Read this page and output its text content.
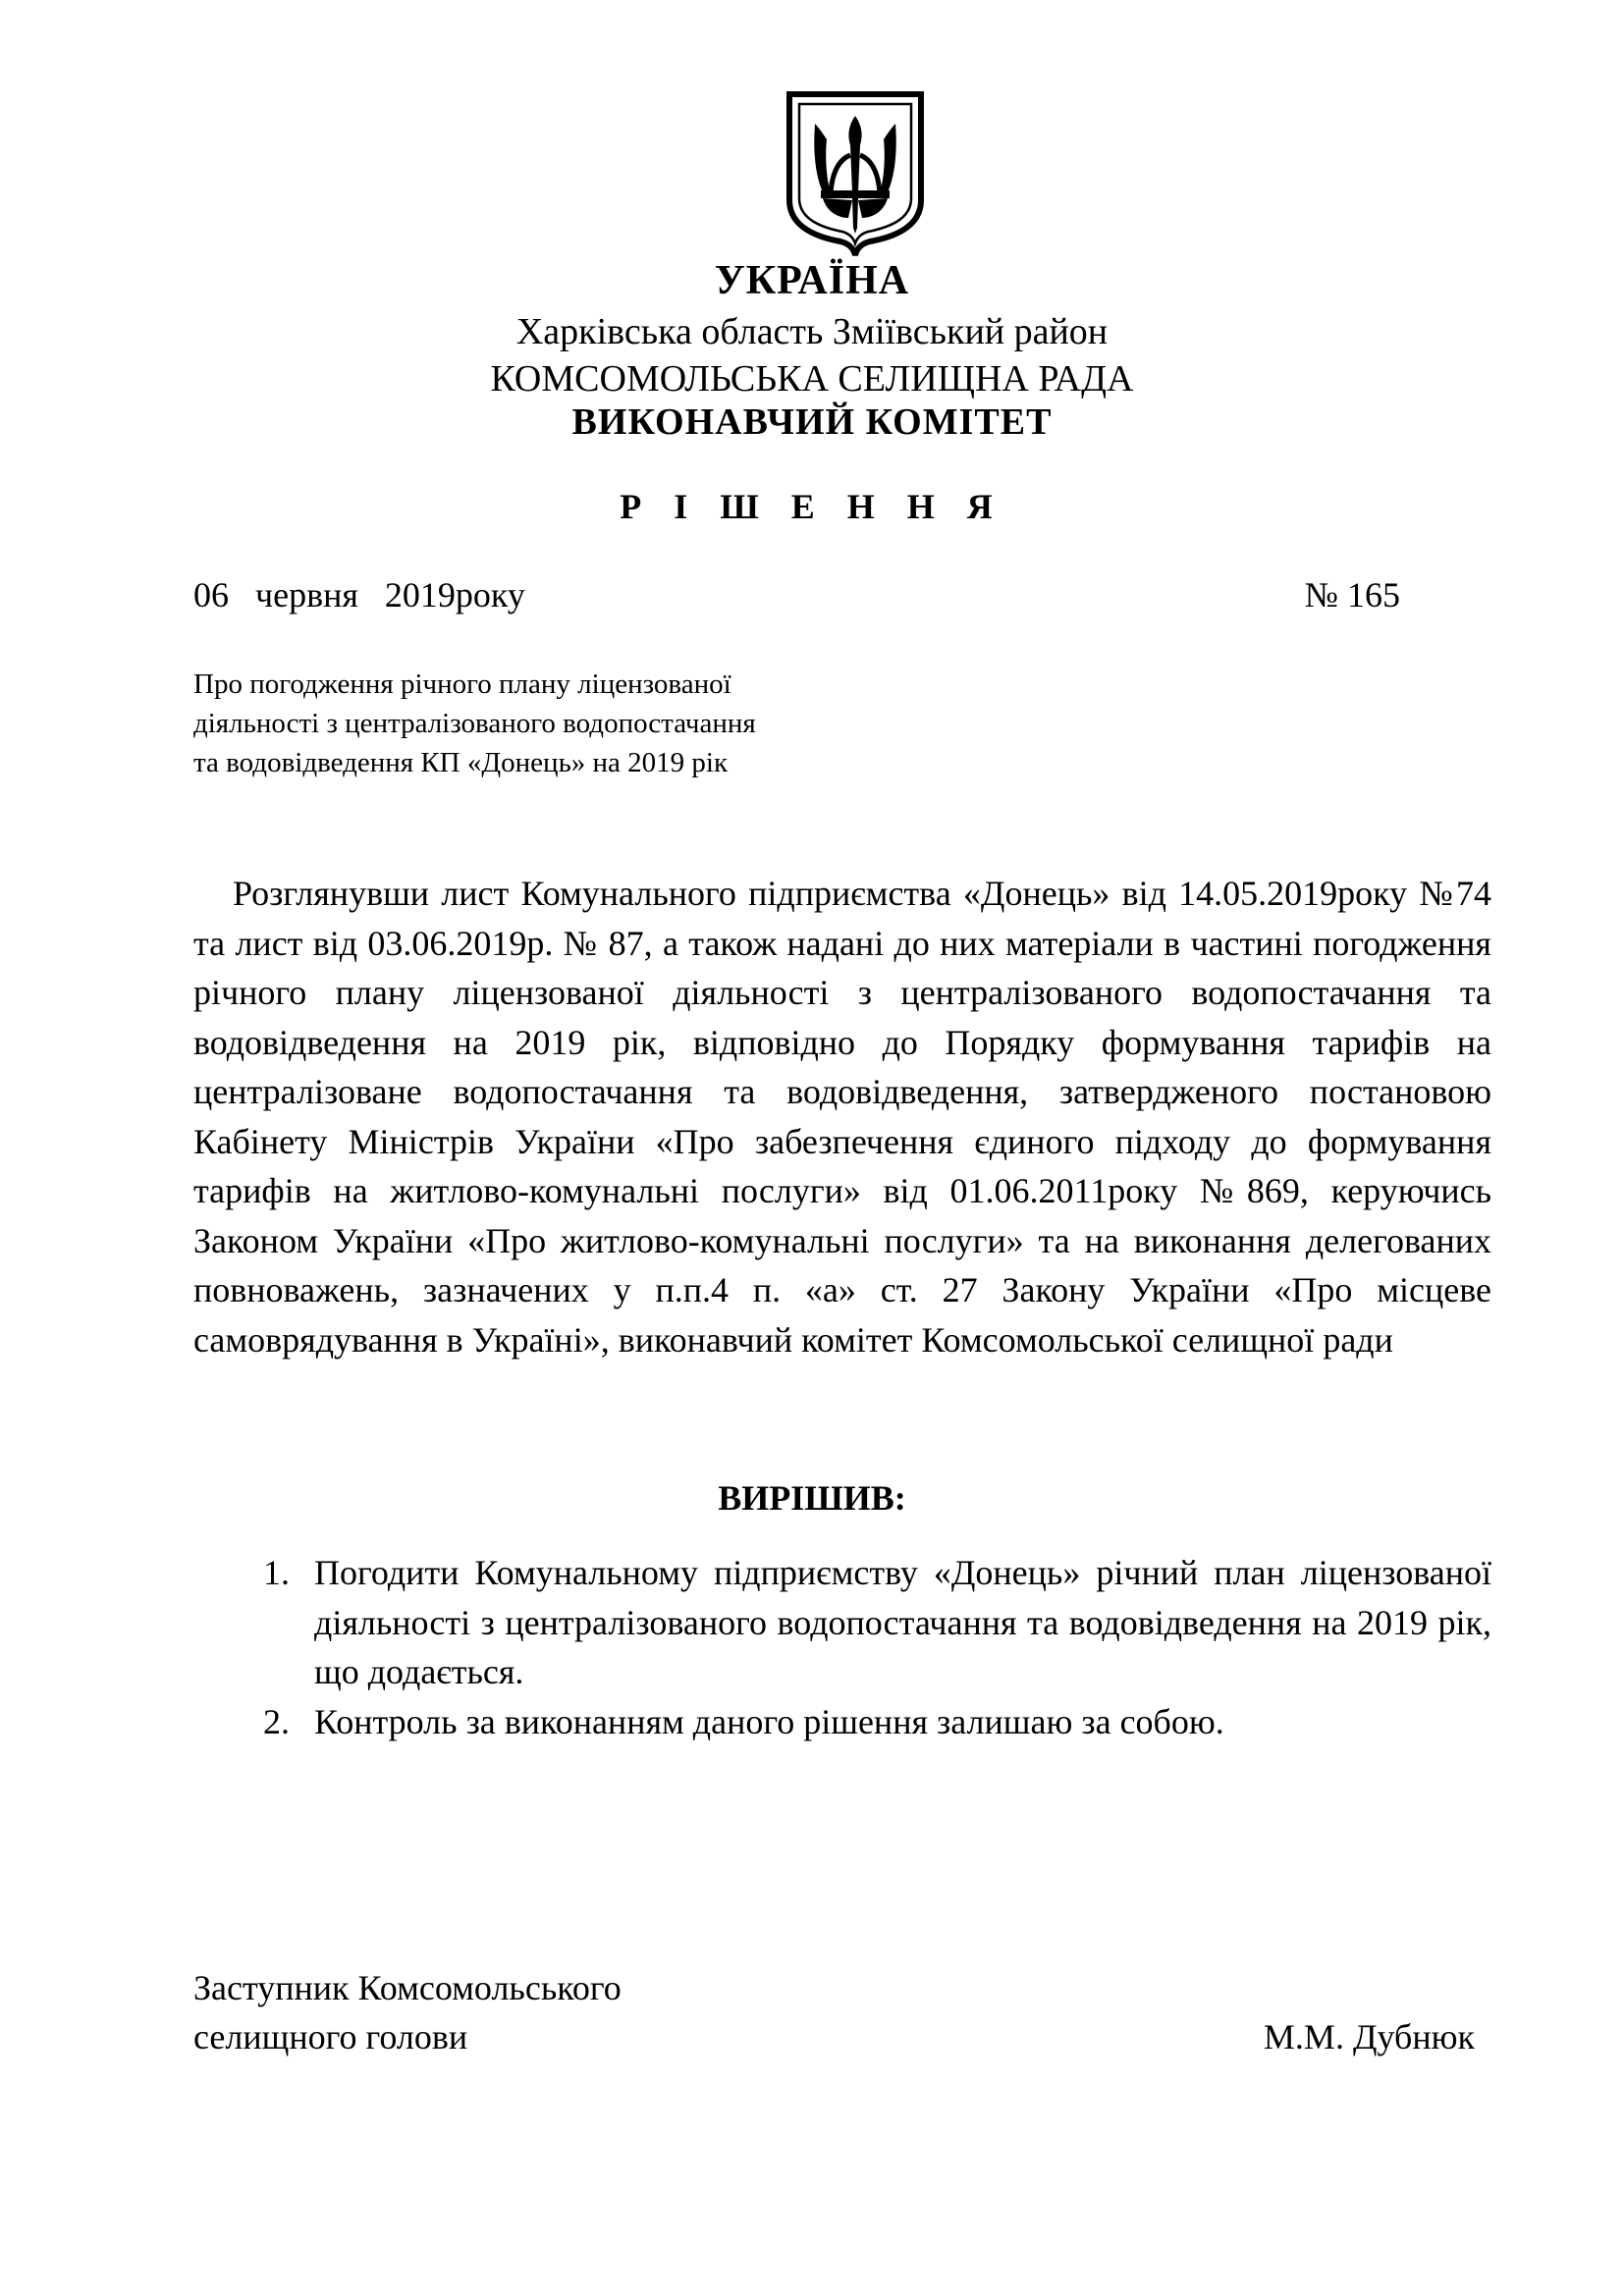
УКРАЇНА
Харківська область Зміївський район
КОМСОМОЛЬСЬКА СЕЛИЩНА РАДА
ВИКОНАВЧИЙ КОМІТЕТ
Р І Ш Е Н Н Я
06   червня   2019року	№ 165
Про погодження річного плану ліцензованої
діяльності з централізованого водопостачання
та водовідведення КП «Донець» на 2019 рік

Розглянувши лист Комунального підприємства «Донець» від 14.05.2019року №74 та лист від 03.06.2019р. № 87, а також надані до них матеріали в частині погодження річного плану ліцензованої діяльності з централізованого водопостачання та водовідведення на 2019 рік, відповідно до Порядку формування тарифів на централізоване водопостачання та водовідведення, затвердженого постановою Кабінету Міністрів України «Про забезпечення єдиного підходу до формування тарифів на житлово-комунальні послуги» від 01.06.2011року №869, керуючись Законом України «Про житлово-комунальні послуги» та на виконання делегованих повноважень, зазначених у п.п.4 п. «а» ст. 27 Закону України «Про місцеве самоврядування в Україні», виконавчий комітет Комсомольської селищної ради

ВИРІШИВ:
1. Погодити Комунальному підприємству «Донець» річний план ліцензованої діяльності з централізованого водопостачання та водовідведення на 2019 рік, що додається.
2. Контроль за виконанням даного рішення залишаю за собою.
Заступник Комсомольського
селищного голови	М.М. Дубнюк
